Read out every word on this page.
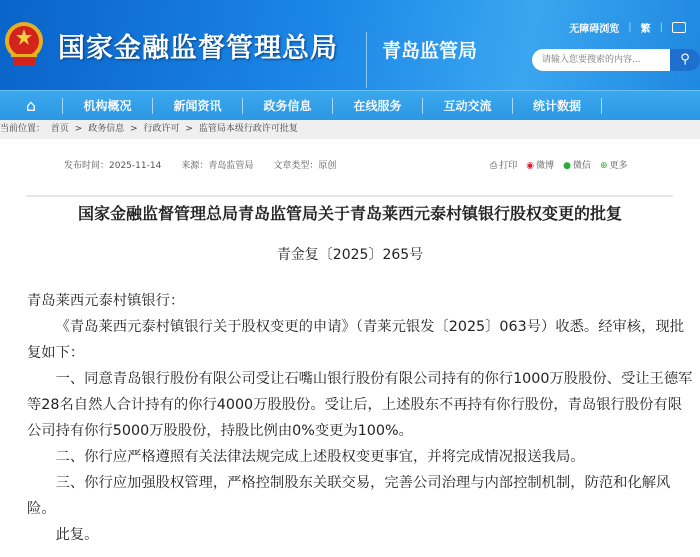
国家金融监督管理总局 青岛监管局
无障碍浏览 | 繁 |
请输入您要搜索的内容...
⚲
⌂	机构概况	新闻资讯	政务信息	在线服务	互动交流	统计数据
当前位置： 首页 > 政务信息 > 行政许可 > 监管局本级行政许可批复
发布时间：2025-11-14 来源：青岛监管局 文章类型：原创	⎙ 打印 ◉ 微博 ● 微信 ⊕ 更多
国家金融监督管理总局青岛监管局关于青岛莱西元泰村镇银行股权变更的批复
青金复〔2025〕265号

青岛莱西元泰村镇银行：

《青岛莱西元泰村镇银行关于股权变更的申请》（青莱元银发〔2025〕063号）收悉。经审核，现批复如下：

一、同意青岛银行股份有限公司受让石嘴山银行股份有限公司持有的你行1000万股股份、受让王德军等28名自然人合计持有的你行4000万股股份。受让后，上述股东不再持有你行股份，青岛银行股份有限公司持有你行5000万股股份，持股比例由0%变更为100%。

二、你行应严格遵照有关法律法规完成上述股权变更事宜，并将完成情况报送我局。

三、你行应加强股权管理，严格控制股东关联交易，完善公司治理与内部控制机制，防范和化解风险。

此复。
